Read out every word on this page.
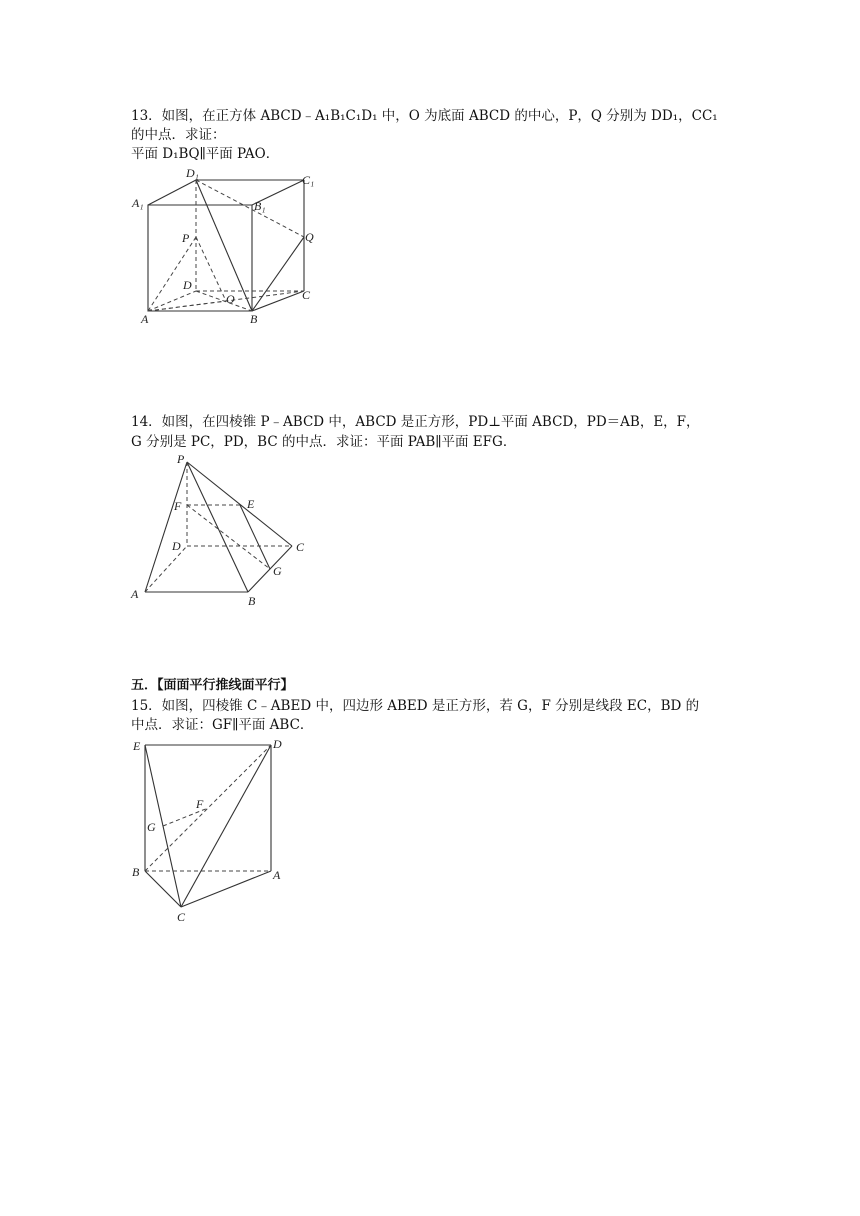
13．如图，在正方体 ABCD﹣A₁B₁C₁D₁ 中，O 为底面 ABCD 的中心，P，Q 分别为 DD₁，CC₁
的中点．求证：
平面 D₁BQ∥平面 PAO．
D₁	C₁
A₁	B₁
P	Q
D
O	C
A	B
14．如图，在四棱锥 P﹣ABCD 中，ABCD 是正方形，PD⊥平面 ABCD，PD＝AB，E，F，
G 分别是 PC，PD，BC 的中点．求证：平面 PAB∥平面 EFG．
P
F	E
D	C
G
A	B
五．【面面平行推线面平行】
15．如图，四棱锥 C﹣ABED 中，四边形 ABED 是正方形，若 G，F 分别是线段 EC，BD 的
中点．求证：GF∥平面 ABC．
E	D
F
G
B	A
C
